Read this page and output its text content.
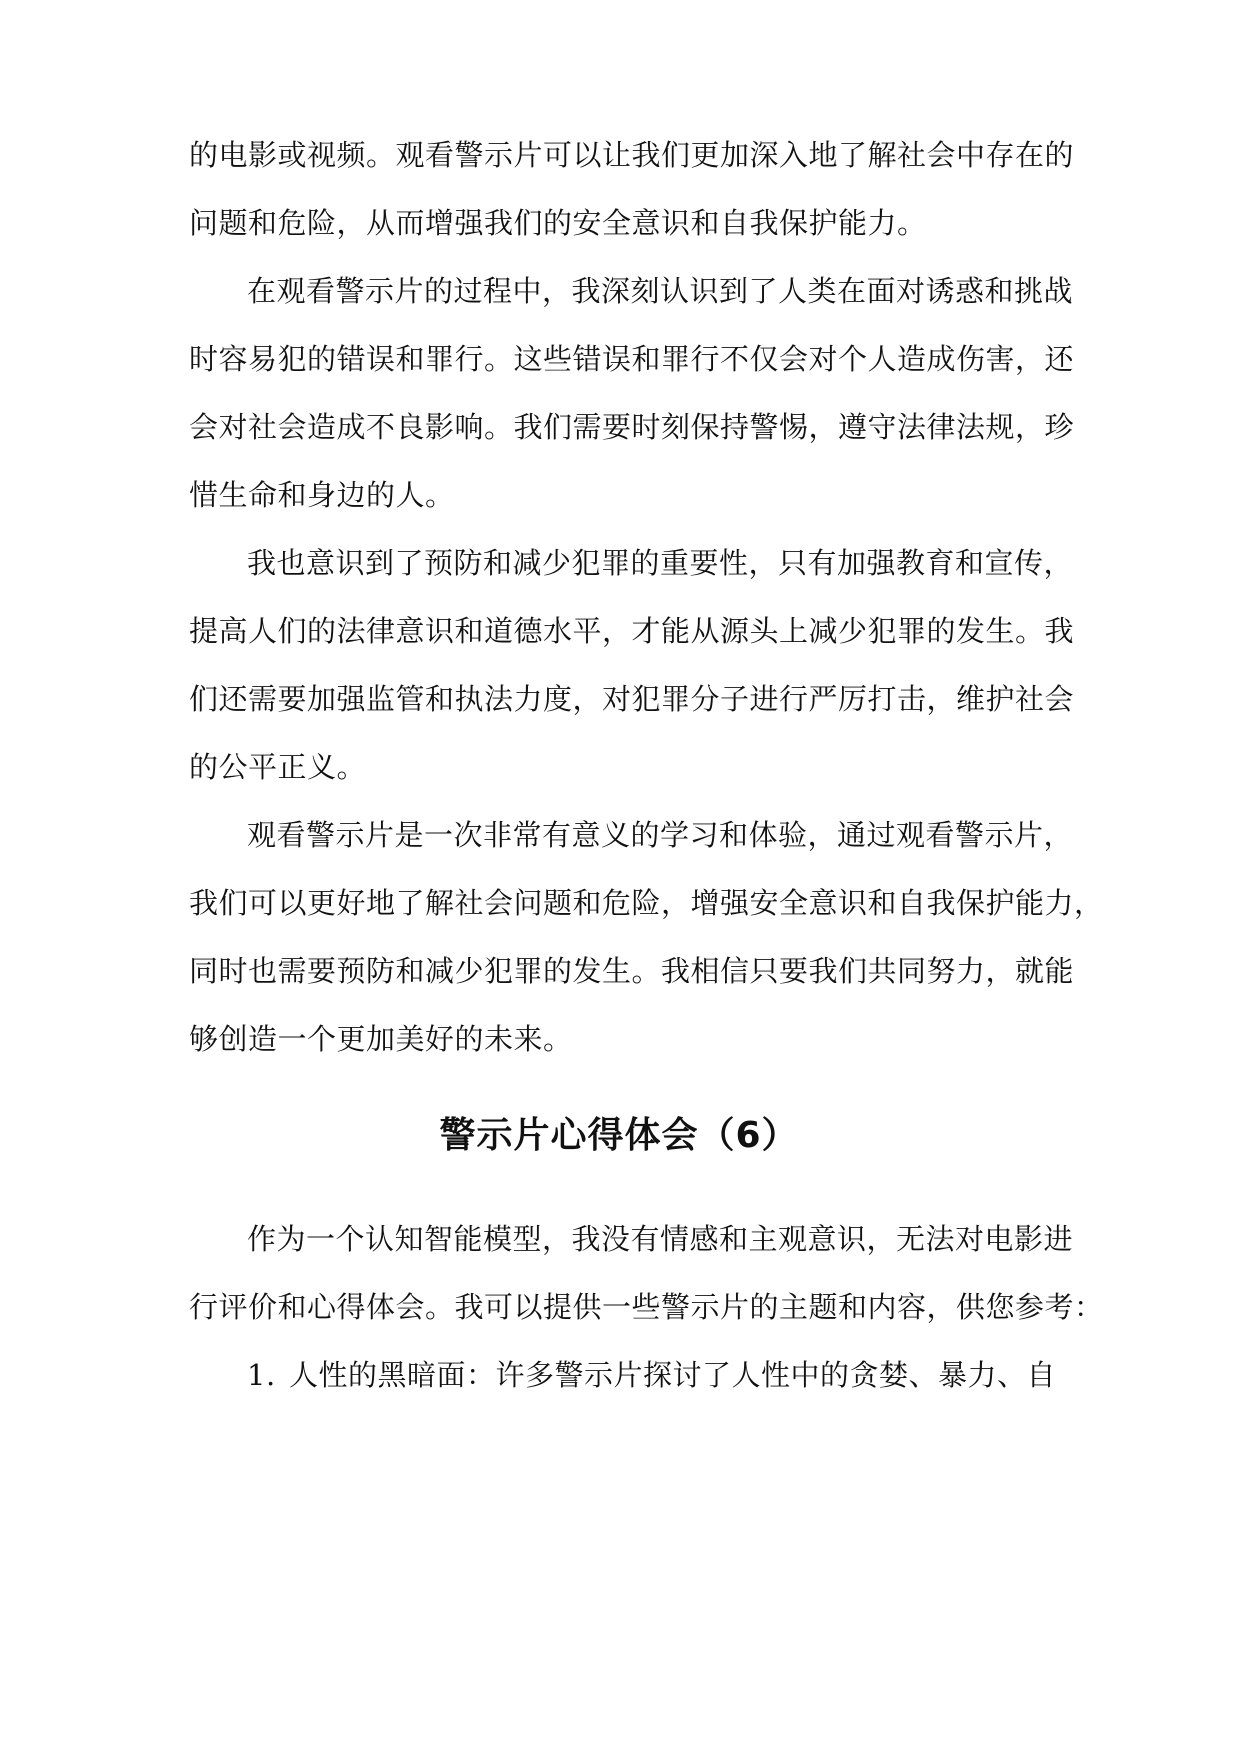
的电影或视频。观看警示片可以让我们更加深入地了解社会中存在的
问题和危险，从而增强我们的安全意识和自我保护能力。
在观看警示片的过程中，我深刻认识到了人类在面对诱惑和挑战
时容易犯的错误和罪行。这些错误和罪行不仅会对个人造成伤害，还
会对社会造成不良影响。我们需要时刻保持警惕，遵守法律法规，珍
惜生命和身边的人。
我也意识到了预防和减少犯罪的重要性，只有加强教育和宣传，
提高人们的法律意识和道德水平，才能从源头上减少犯罪的发生。我
们还需要加强监管和执法力度，对犯罪分子进行严厉打击，维护社会
的公平正义。
观看警示片是一次非常有意义的学习和体验，通过观看警示片，
我们可以更好地了解社会问题和危险，增强安全意识和自我保护能力，
同时也需要预防和减少犯罪的发生。我相信只要我们共同努力，就能
够创造一个更加美好的未来。
警示片心得体会（6）
作为一个认知智能模型，我没有情感和主观意识，无法对电影进
行评价和心得体会。我可以提供一些警示片的主题和内容，供您参考：
1. 人性的黑暗面：许多警示片探讨了人性中的贪婪、暴力、自
